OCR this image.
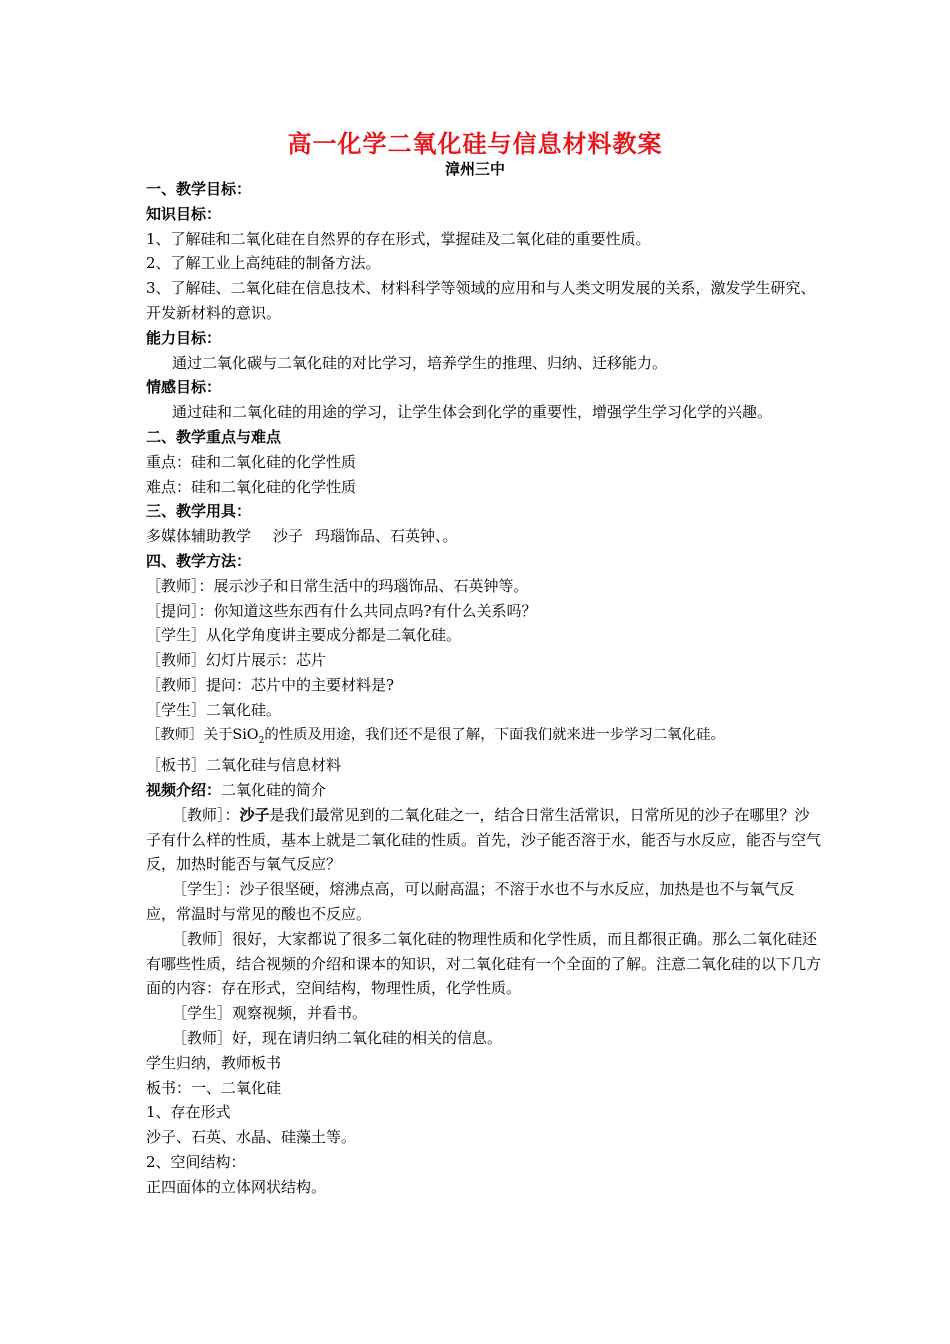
高一化学二氧化硅与信息材料教案
漳州三中
一、教学目标：
知识目标：
1、了解硅和二氧化硅在自然界的存在形式，掌握硅及二氧化硅的重要性质。
2、了解工业上高纯硅的制备方法。
3、了解硅、二氧化硅在信息技术、材料科学等领域的应用和与人类文明发展的关系，激发学生研究、开发新材料的意识。
能力目标：
通过二氧化碳与二氧化硅的对比学习，培养学生的推理、归纳、迁移能力。
情感目标：
通过硅和二氧化硅的用途的学习，让学生体会到化学的重要性，增强学生学习化学的兴趣。
二、教学重点与难点
重点：硅和二氧化硅的化学性质
难点：硅和二氧化硅的化学性质
三、教学用具：
多媒体辅助教学 沙子 玛瑙饰品、石英钟、。
四、教学方法：
［教师］：展示沙子和日常生活中的玛瑙饰品、石英钟等。
［提问］：你知道这些东西有什么共同点吗?有什么关系吗？
［学生］从化学角度讲主要成分都是二氧化硅。
［教师］幻灯片展示：芯片
［教师］提问：芯片中的主要材料是?
［学生］二氧化硅。
［教师］关于SiO$_2$的性质及用途，我们还不是很了解，下面我们就来进一步学习二氧化硅。
［板书］二氧化硅与信息材料
视频介绍：二氧化硅的简介
［教师］：沙子是我们最常见到的二氧化硅之一，结合日常生活常识，日常所见的沙子在哪里？沙子有什么样的性质，基本上就是二氧化硅的性质。首先，沙子能否溶于水，能否与水反应，能否与空气反，加热时能否与氧气反应？
［学生］：沙子很坚硬，熔沸点高，可以耐高温；不溶于水也不与水反应，加热是也不与氧气反应，常温时与常见的酸也不反应。
［教师］很好，大家都说了很多二氧化硅的物理性质和化学性质，而且都很正确。那么二氧化硅还有哪些性质，结合视频的介绍和课本的知识，对二氧化硅有一个全面的了解。注意二氧化硅的以下几方面的内容：存在形式，空间结构，物理性质，化学性质。
［学生］观察视频，并看书。
［教师］好，现在请归纳二氧化硅的相关的信息。
学生归纳，教师板书
板书：一、二氧化硅
1、存在形式
沙子、石英、水晶、硅藻土等。
2、空间结构：
正四面体的立体网状结构。
